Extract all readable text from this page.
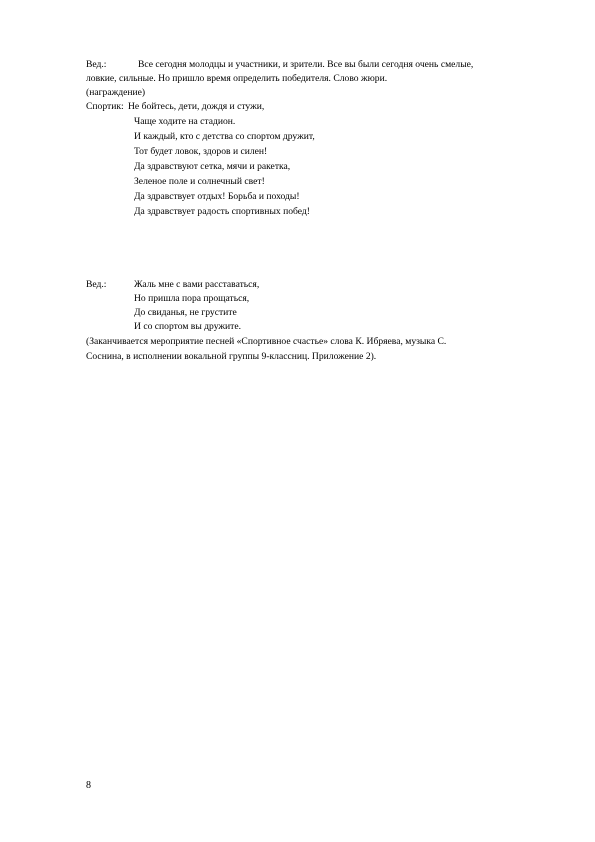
Вед.:	Все сегодня молодцы и участники, и зрители. Все вы были сегодня очень смелые,
ловкие, сильные. Но пришло время определить победителя. Слово жюри.
(награждение)
Спортик: Не бойтесь, дети, дождя и стужи,
Чаще ходите на стадион.
И каждый, кто с детства со спортом дружит,
Тот будет ловок, здоров и силен!
Да здравствуют сетка, мячи и ракетка,
Зеленое поле и солнечный свет!
Да здравствует отдых! Борьба и походы!
Да здравствует радость спортивных побед!
Вед.:	Жаль мне с вами расставаться,
Но пришла пора прощаться,
До свиданья, не грустите
И со спортом вы дружите.
(Заканчивается мероприятие песней «Спортивное счастье» слова К. Ибряева, музыка С.
Соснина, в исполнении вокальной группы 9-классниц. Приложение 2).
8
